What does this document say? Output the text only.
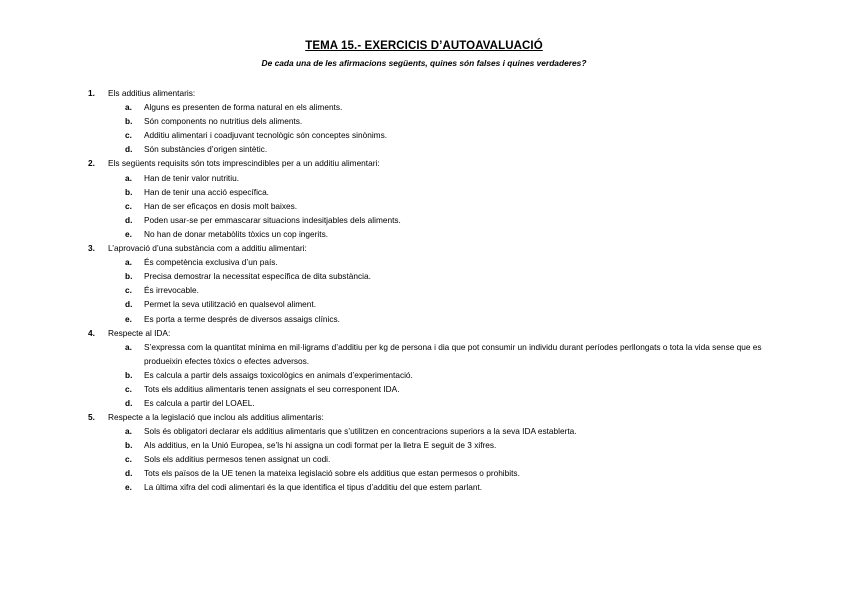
TEMA 15.- EXERCICIS D’AUTOAVALUACIÓ
De cada una de les afirmacions següents, quines són falses i quines verdaderes?
1. Els additius alimentaris:
a. Alguns es presenten de forma natural en els aliments.
b. Són components no nutritius dels aliments.
c. Additiu alimentari i coadjuvant tecnològic són conceptes sinònims.
d. Són substàncies d’origen sintètic.
2. Els següents requisits són tots imprescindibles per a un additiu alimentari:
a. Han de tenir valor nutritiu.
b. Han de tenir una acció específica.
c. Han de ser eficaços en dosis molt baixes.
d. Poden usar-se per emmascarar situacions indesitjables dels aliments.
e. No han de donar metabòlits tòxics un cop ingerits.
3. L’aprovació d’una substància com a additiu alimentari:
a. És competència exclusiva d’un país.
b. Precisa demostrar la necessitat específica de dita substància.
c. És irrevocable.
d. Permet la seva utilització en qualsevol aliment.
e. Es porta a terme després de diversos assaigs clínics.
4. Respecte al IDA:
a. S’expressa com la quantitat mínima en mil·ligrams d’additiu per kg de persona i dia que pot consumir un individu durant períodes perllongats o tota la vida sense que es produeixin efectes tòxics o efectes adversos.
b. Es calcula a partir dels assaigs toxicològics en animals d’experimentació.
c. Tots els additius alimentaris tenen assignats el seu corresponent IDA.
d. Es calcula a partir del LOAEL.
5. Respecte a la legislació que inclou als additius alimentaris:
a. Sols és obligatori declarar els additius alimentaris que s’utilitzen en concentracions superiors a la seva IDA establerta.
b. Als additius, en la Unió Europea, se’ls hi assigna un codi format per la lletra E seguit de 3 xifres.
c. Sols els additius permesos tenen assignat un codi.
d. Tots els països de la UE tenen la mateixa legislació sobre els additius que estan permesos o prohibits.
e. La última xifra del codi alimentari és la que identifica el tipus d’additiu del que estem parlant.
